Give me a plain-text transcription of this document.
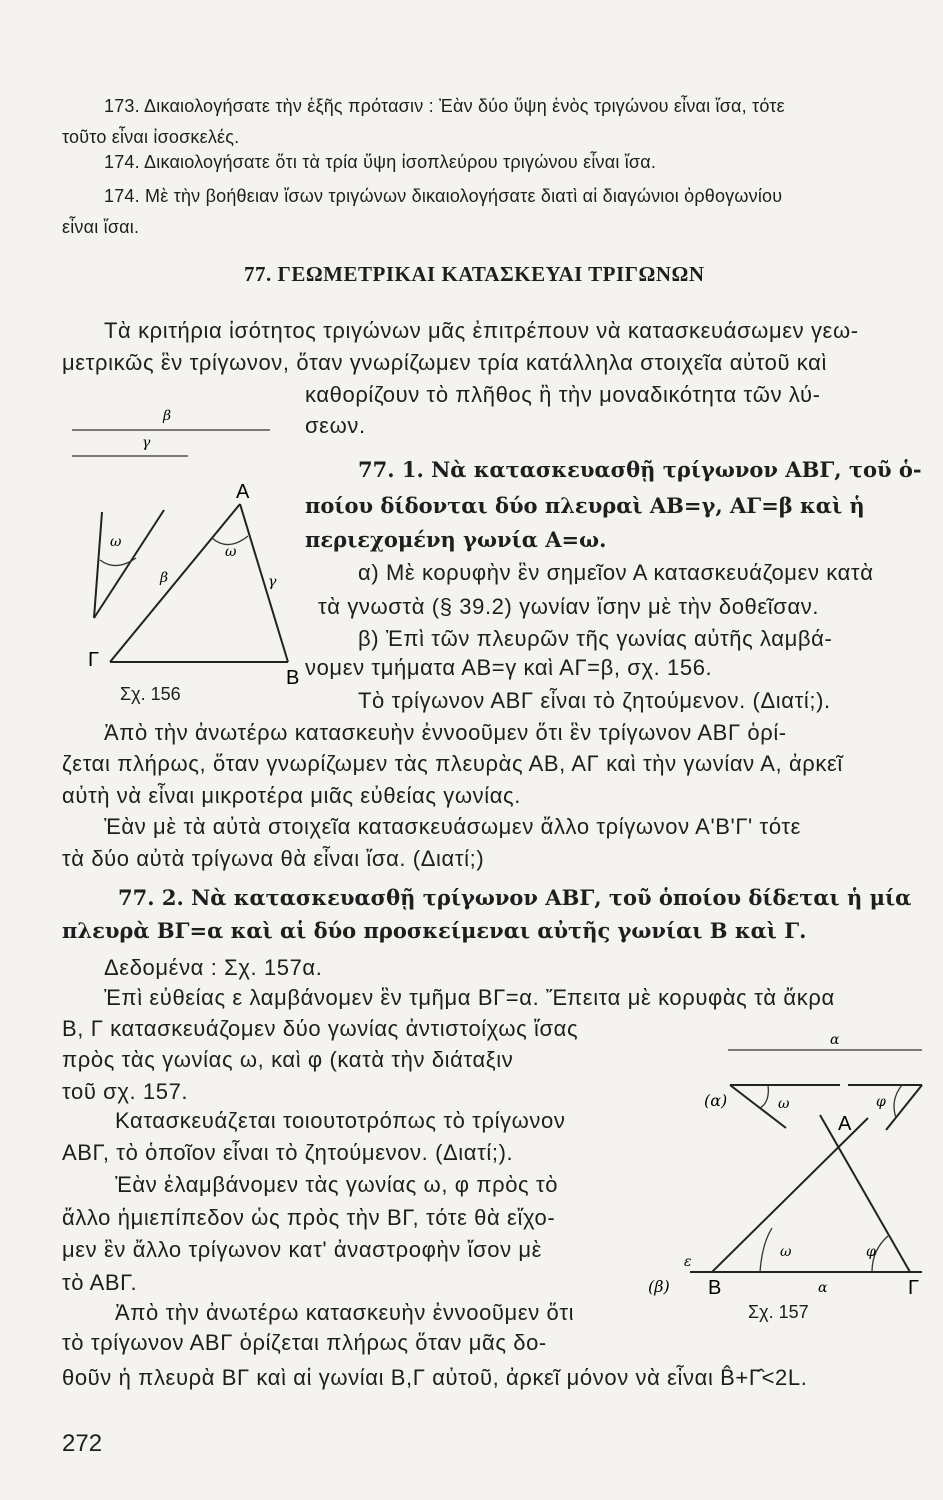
173. Δικαιολογήσατε τὴν ἑξῆς πρότασιν : Ἐὰν δύο ὕψη ἑνὸς τριγώνου εἶναι ἴσα, τότε
τοῦτο εἶναι ἰσοσκελές.
174. Δικαιολογήσατε ὅτι τὰ τρία ὕψη ἰσοπλεύρου τριγώνου εἶναι ἴσα.
174. Μὲ τὴν βοήθειαν ἴσων τριγώνων δικαιολογήσατε διατὶ αἱ διαγώνιοι ὀρθογωνίου
εἶναι ἴσαι.
77. ΓΕΩΜΕΤΡΙΚΑΙ ΚΑΤΑΣΚΕΥΑΙ ΤΡΙΓΩΝΩΝ
Τὰ κριτήρια ἰσότητος τριγώνων μᾶς ἐπιτρέπουν νὰ κατασκευάσωμεν γεω-
μετρικῶς ἓν τρίγωνον, ὅταν γνωρίζωμεν τρία κατάλληλα στοιχεῖα αὐτοῦ καὶ
καθορίζουν τὸ πλῆθος ἢ τὴν μοναδικότητα τῶν λύ-
σεων.
β
γ
ω
ω
β	γ
Α
Β
Γ
Σχ. 156
77. 1. Νὰ κατασκευασθῇ τρίγωνον ΑΒΓ, τοῦ ὁ-
ποίου δίδονται δύο πλευραὶ ΑΒ=γ, ΑΓ=β καὶ ἡ
περιεχομένη γωνία Α=ω.
α) Μὲ κορυφὴν ἓν σημεῖον Α κατασκευάζομεν κατὰ
τὰ γνωστὰ (§ 39.2) γωνίαν ἴσην μὲ τὴν δοθεῖσαν.
β) Ἐπὶ τῶν πλευρῶν τῆς γωνίας αὐτῆς λαμβά-
νομεν τμήματα ΑΒ=γ καὶ ΑΓ=β, σχ. 156.
Τὸ τρίγωνον ΑΒΓ εἶναι τὸ ζητούμενον. (Διατί;).
Ἀπὸ τὴν ἀνωτέρω κατασκευὴν ἐννοοῦμεν ὅτι ἓν τρίγωνον ΑΒΓ ὁρί-
ζεται πλήρως, ὅταν γνωρίζωμεν τὰς πλευρὰς ΑΒ, ΑΓ καὶ τὴν γωνίαν Α, ἀρκεῖ
αὐτὴ νὰ εἶναι μικροτέρα μιᾶς εὐθείας γωνίας.
Ἐὰν μὲ τὰ αὐτὰ στοιχεῖα κατασκευάσωμεν ἄλλο τρίγωνον Α'Β'Γ' τότε
τὰ δύο αὐτὰ τρίγωνα θὰ εἶναι ἴσα. (Διατί;)
77. 2. Νὰ κατασκευασθῇ τρίγωνον ΑΒΓ, τοῦ ὁποίου δίδεται ἡ μία
πλευρὰ ΒΓ=α καὶ αἱ δύο προσκείμεναι αὐτῆς γωνίαι Β καὶ Γ.
Δεδομένα : Σχ. 157α.
Ἐπὶ εὐθείας ε λαμβάνομεν ἓν τμῆμα ΒΓ=α. Ἔπειτα μὲ κορυφὰς τὰ ἄκρα
Β, Γ κατασκευάζομεν δύο γωνίας ἀντιστοίχως ἴσας
πρὸς τὰς γωνίας ω, καὶ φ (κατὰ τὴν διάταξιν
τοῦ σχ. 157.
Κατασκευάζεται τοιουτοτρόπως τὸ τρίγωνον
ΑΒΓ, τὸ ὁποῖον εἶναι τὸ ζητούμενον. (Διατί;).
Ἐὰν ἐλαμβάνομεν τὰς γωνίας ω, φ πρὸς τὸ
ἄλλο ἡμιεπίπεδον ὡς πρὸς τὴν ΒΓ, τότε θὰ εἴχο-
μεν ἓν ἄλλο τρίγωνον κατ' ἀναστροφὴν ἴσον μὲ
τὸ ΑΒΓ.
Ἀπὸ τὴν ἀνωτέρω κατασκευὴν ἐννοοῦμεν ὅτι
τὸ τρίγωνον ΑΒΓ ὁρίζεται πλήρως ὅταν μᾶς δο-
θοῦν ἡ πλευρὰ ΒΓ καὶ αἱ γωνίαι Β,Γ αὐτοῦ, ἀρκεῖ μόνον νὰ εἶναι B̂+Γ̂<2L.
α
(α)	ω	φ
ε
ω	φ
Α
Β	Γ
α
(β)
Σχ. 157
272
